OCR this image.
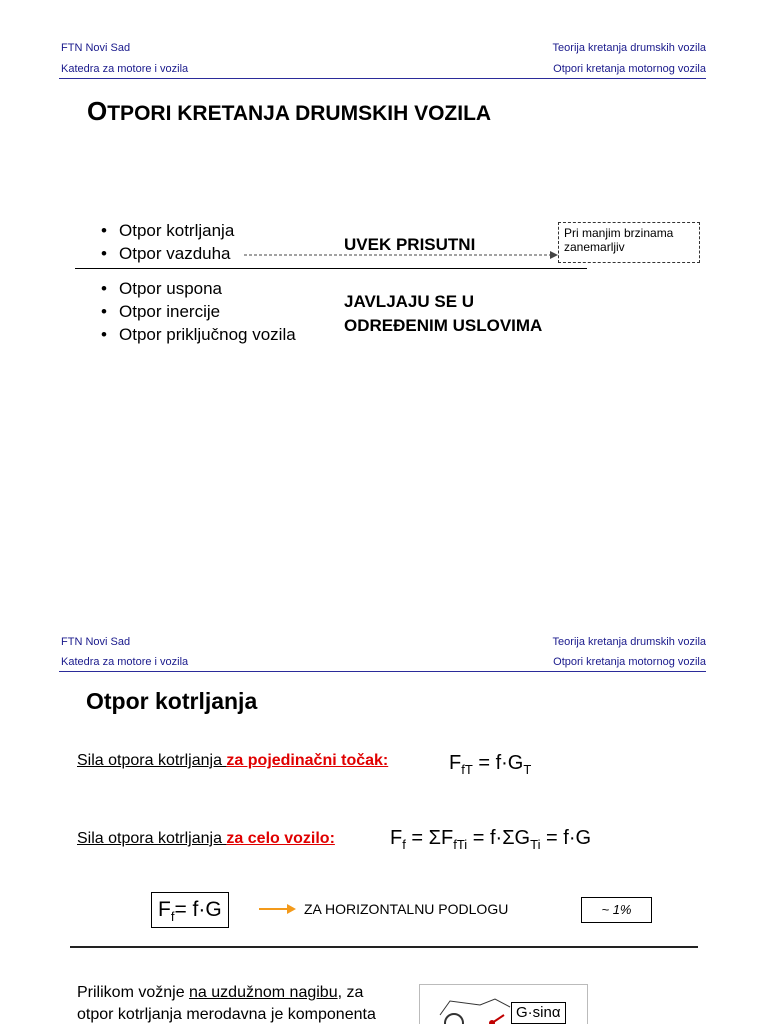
FTN Novi Sad
Katedra za motore i vozila
Teorija kretanja drumskih vozila
Otpori kretanja motornog vozila
OTPORI KRETANJA DRUMSKIH VOZILA
• Otpor kotrljanja
• Otpor vazduha	UVEK PRISUTNI
Pri manjim brzinama
zanemarljiv
• Otpor uspona
• Otpor inercije
• Otpor priključnog vozila
JAVLJAJU SE U
ODREĐENIM USLOVIMA
FTN Novi Sad
Katedra za motore i vozila
Teorija kretanja drumskih vozila
Otpori kretanja motornog vozila
Otpor kotrljanja
Sila otpora kotrljanja za pojedinačni točak:	$F_{fT} = f\cdot G_T$
Sila otpora kotrljanja za celo vozilo:	$F_f = \Sigma F_{fTi} = f\cdot\Sigma G_{Ti} = f\cdot G$
$F_f= f\cdot G$	ZA HORIZONTALNU PODLOGU	~ 1%
Prilikom vožnje na uzdužnom nagibu, za
otpor kotrljanja merodavna je komponenta	G·sinα
